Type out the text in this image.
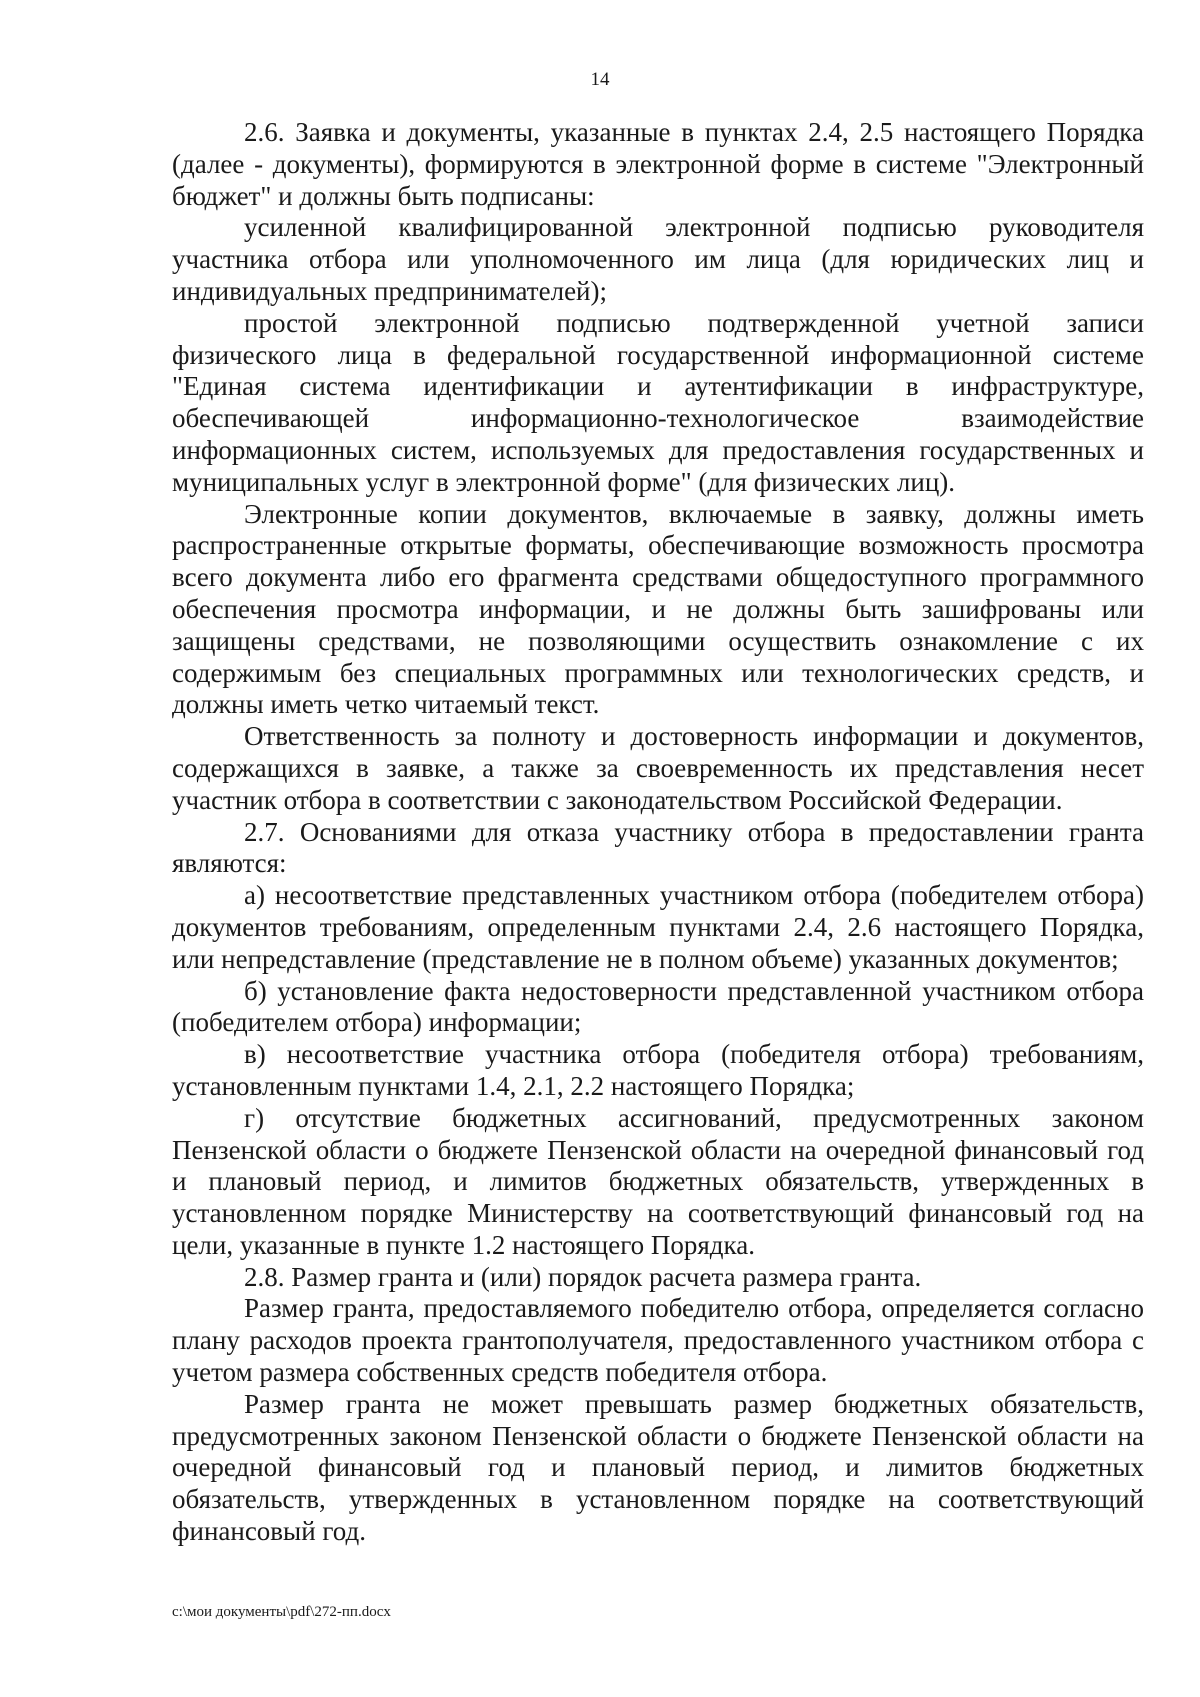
14

2.6. Заявка и документы, указанные в пунктах 2.4, 2.5 настоящего Порядка (далее - документы), формируются в электронной форме в системе "Электронный бюджет" и должны быть подписаны:

усиленной квалифицированной электронной подписью руководителя участника отбора или уполномоченного им лица (для юридических лиц и индивидуальных предпринимателей);

простой электронной подписью подтвержденной учетной записи физического лица в федеральной государственной информационной системе "Единая система идентификации и аутентификации в инфраструктуре, обеспечивающей информационно-технологическое взаимодействие информационных систем, используемых для предоставления государственных и муниципальных услуг в электронной форме" (для физических лиц).

Электронные копии документов, включаемые в заявку, должны иметь распространенные открытые форматы, обеспечивающие возможность просмотра всего документа либо его фрагмента средствами общедоступного программного обеспечения просмотра информации, и не должны быть зашифрованы или защищены средствами, не позволяющими осуществить ознакомление с их содержимым без специальных программных или технологических средств, и должны иметь четко читаемый текст.

Ответственность за полноту и достоверность информации и документов, содержащихся в заявке, а также за своевременность их представления несет участник отбора в соответствии с законодательством Российской Федерации.

2.7. Основаниями для отказа участнику отбора в предоставлении гранта являются:

а) несоответствие представленных участником отбора (победителем отбора) документов требованиям, определенным пунктами 2.4, 2.6 настоящего Порядка, или непредставление (представление не в полном объеме) указанных документов;

б) установление факта недостоверности представленной участником отбора (победителем отбора) информации;

в) несоответствие участника отбора (победителя отбора) требованиям, установленным пунктами 1.4, 2.1, 2.2 настоящего Порядка;

г) отсутствие бюджетных ассигнований, предусмотренных законом Пензенской области о бюджете Пензенской области на очередной финансовый год и плановый период, и лимитов бюджетных обязательств, утвержденных в установленном порядке Министерству на соответствующий финансовый год на цели, указанные в пункте 1.2 настоящего Порядка.

2.8. Размер гранта и (или) порядок расчета размера гранта.

Размер гранта, предоставляемого победителю отбора, определяется согласно плану расходов проекта грантополучателя, предоставленного участником отбора с учетом размера собственных средств победителя отбора.

Размер гранта не может превышать размер бюджетных обязательств, предусмотренных законом Пензенской области о бюджете Пензенской области на очередной финансовый год и плановый период, и лимитов бюджетных обязательств, утвержденных в установленном порядке на соответствующий финансовый год.

c:\мои документы\pdf\272-пп.docx
